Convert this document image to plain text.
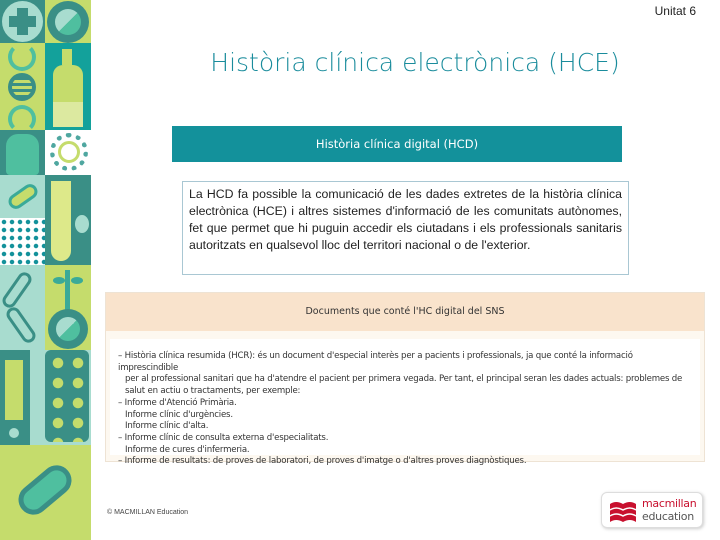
Unitat 6
Història clínica electrònica (HCE)
Història clínica digital (HCD)
La HCD fa possible la comunicació de les dades extretes de la història clínica electrònica (HCE) i altres sistemes d'informació de les comunitats autònomes, fet que permet que hi puguin accedir els ciutadans i els professionals sanitaris autoritzats en qualsevol lloc del territori nacional o de l'exterior.
Documents que conté l'HC digital del SNS
– Història clínica resumida (HCR): és un document d'especial interès per a pacients i professionals, ja que conté la informació imprescindible
per al professional sanitari que ha d'atendre el pacient per primera vegada. Per tant, el principal seran les dades actuals: problemes de
salut en actiu o tractaments, per exemple:
– Informe d'Atenció Primària.
Informe clínic d'urgències.
Informe clínic d'alta.
– Informe clínic de consulta externa d'especialitats.
Informe de cures d'infermeria.
– Informe de resultats: de proves de laboratori, de proves d'imatge o d'altres proves diagnòstiques.
© MACMILLAN Education
macmillan
education
